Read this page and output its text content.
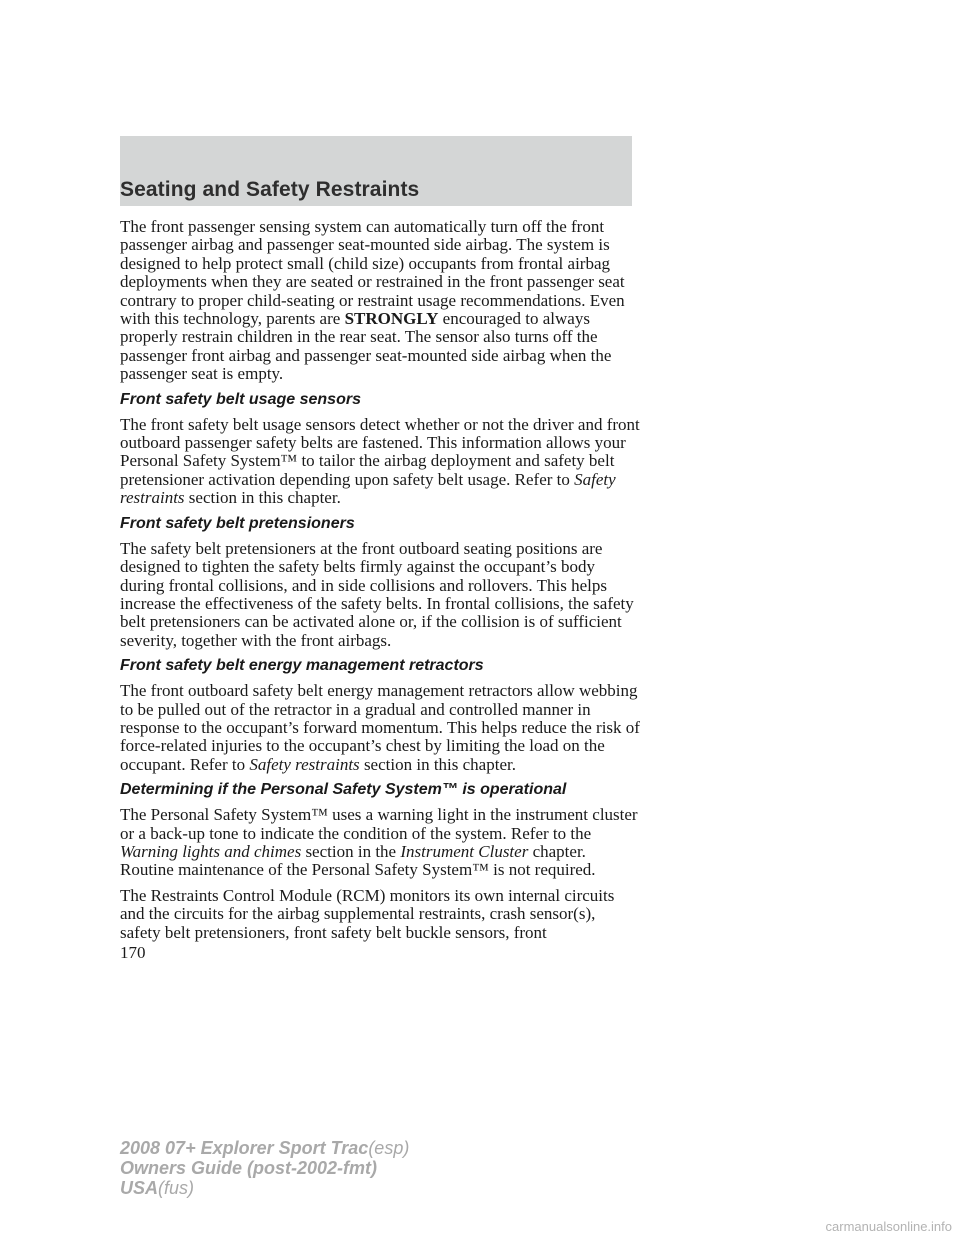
Seating and Safety Restraints

The front passenger sensing system can automatically turn off the front passenger airbag and passenger seat-mounted side airbag. The system is designed to help protect small (child size) occupants from frontal airbag deployments when they are seated or restrained in the front passenger seat contrary to proper child-seating or restraint usage recommendations. Even with this technology, parents are STRONGLY encouraged to always properly restrain children in the rear seat. The sensor also turns off the passenger front airbag and passenger seat-mounted side airbag when the passenger seat is empty.

Front safety belt usage sensors

The front safety belt usage sensors detect whether or not the driver and front outboard passenger safety belts are fastened. This information allows your Personal Safety System™ to tailor the airbag deployment and safety belt pretensioner activation depending upon safety belt usage. Refer to Safety restraints section in this chapter.

Front safety belt pretensioners

The safety belt pretensioners at the front outboard seating positions are designed to tighten the safety belts firmly against the occupant’s body during frontal collisions, and in side collisions and rollovers. This helps increase the effectiveness of the safety belts. In frontal collisions, the safety belt pretensioners can be activated alone or, if the collision is of sufficient severity, together with the front airbags.

Front safety belt energy management retractors

The front outboard safety belt energy management retractors allow webbing to be pulled out of the retractor in a gradual and controlled manner in response to the occupant’s forward momentum. This helps reduce the risk of force-related injuries to the occupant’s chest by limiting the load on the occupant. Refer to Safety restraints section in this chapter.

Determining if the Personal Safety System™ is operational

The Personal Safety System™ uses a warning light in the instrument cluster or a back-up tone to indicate the condition of the system. Refer to the Warning lights and chimes section in the Instrument Cluster chapter. Routine maintenance of the Personal Safety System™ is not required.

The Restraints Control Module (RCM) monitors its own internal circuits and the circuits for the airbag supplemental restraints, crash sensor(s), safety belt pretensioners, front safety belt buckle sensors, front

170

2008 07+ Explorer Sport Trac(esp)
Owners Guide (post-2002-fmt)
USA(fus)
carmanualsonline.info
